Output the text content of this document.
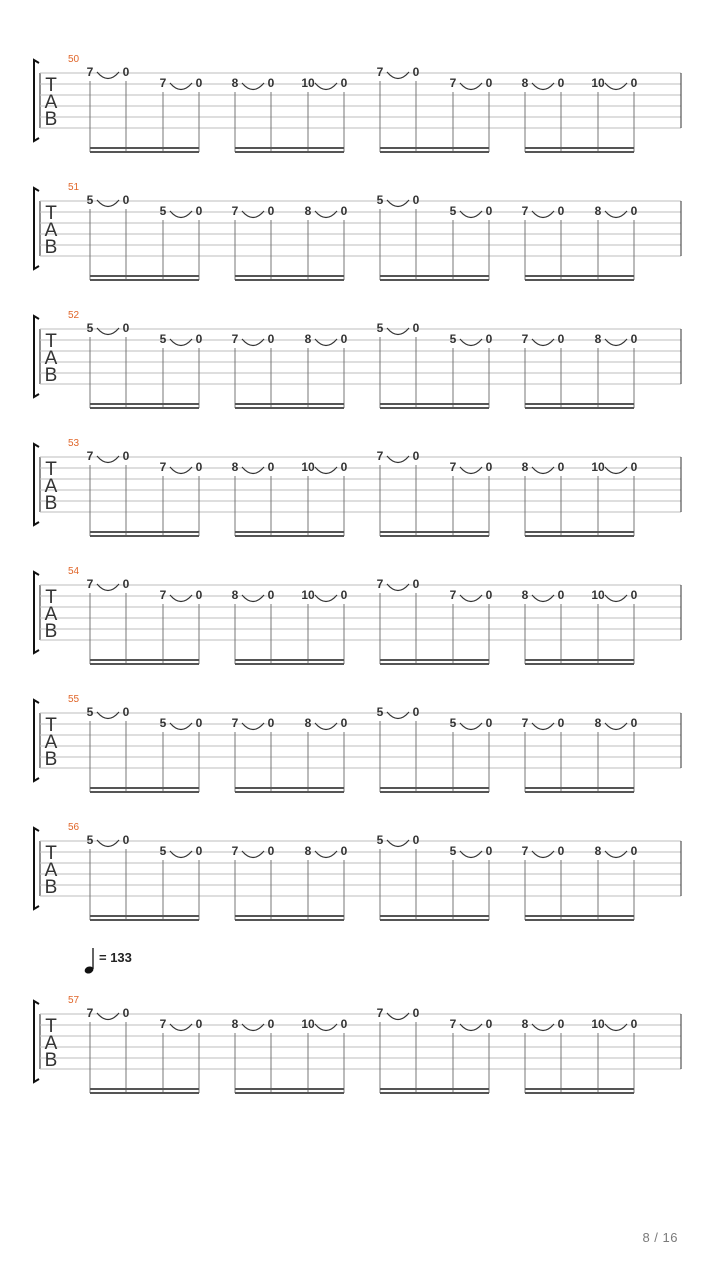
T
A
B
50
7 0
7 0 8 0 10 0
7 0
7 0 8 0 10 0
T
A
B
51
5 0
5 0 7 0	8 0
5 0
5 0 7 0	8 0
T
A
B
52
5 0
5 0 7 0	8 0
5 0
5 0 7 0	8 0
T
A
B
53
7 0
7 0 8 0 10 0
7 0
7 0 8 0 10 0
T
A
B
54
7 0
7 0 8 0 10 0
7 0
7 0 8 0 10 0
T
A
B
55
5 0
5 0 7 0	8 0
5 0
5 0 7 0	8 0
T
A
B
56
5 0
5 0 7 0	8 0
5 0
5 0 7 0	8 0
T
A
B
57
7 0
7 0 8 0 10 0
7 0
7 0 8 0 10 0
= 133
8 / 16
